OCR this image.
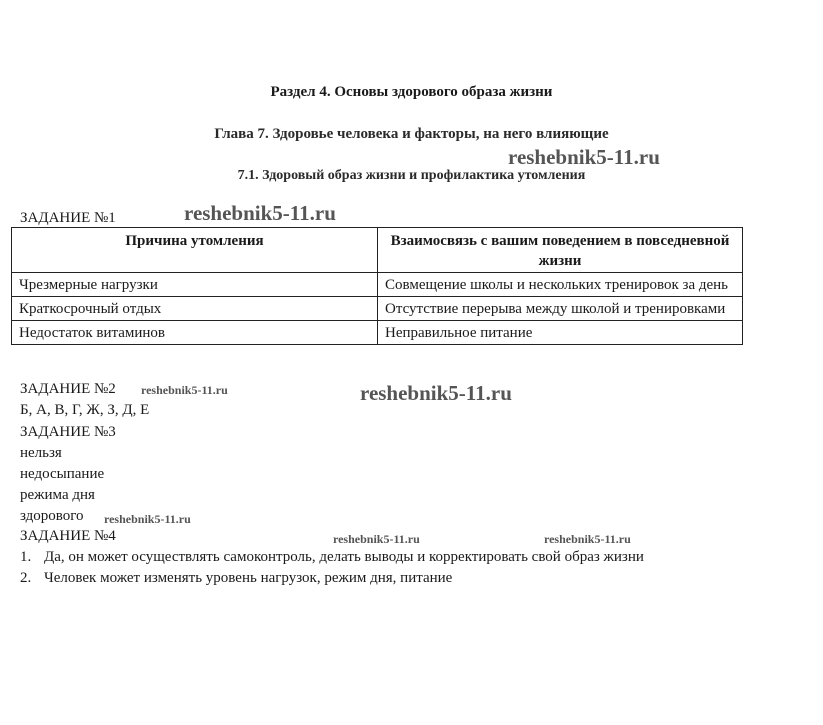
Раздел 4. Основы здорового образа жизни
Глава 7. Здоровье человека и факторы, на него влияющие
7.1. Здоровый образ жизни и профилактика утомления
ЗАДАНИЕ №1
Причина утомления	Взаимосвязь с вашим поведением в повседневной жизни
Чрезмерные нагрузки	Совмещение школы и нескольких тренировок за день
Краткосрочный отдых	Отсутствие перерыва между школой и тренировками
Недостаток витаминов	Неправильное питание
ЗАДАНИЕ №2
Б, А, В, Г, Ж, З, Д, Е
ЗАДАНИЕ №3
нельзя
недосыпание
режима дня
здорового
ЗАДАНИЕ №4
1. Да, он может осуществлять самоконтроль, делать выводы и корректировать свой образ жизни
2. Человек может изменять уровень нагрузок, режим дня, питание
reshebnik5-11.ru
reshebnik5-11.ru
reshebnik5-11.ru
reshebnik5-11.ru
reshebnik5-11.ru
reshebnik5-11.ru	reshebnik5-11.ru
